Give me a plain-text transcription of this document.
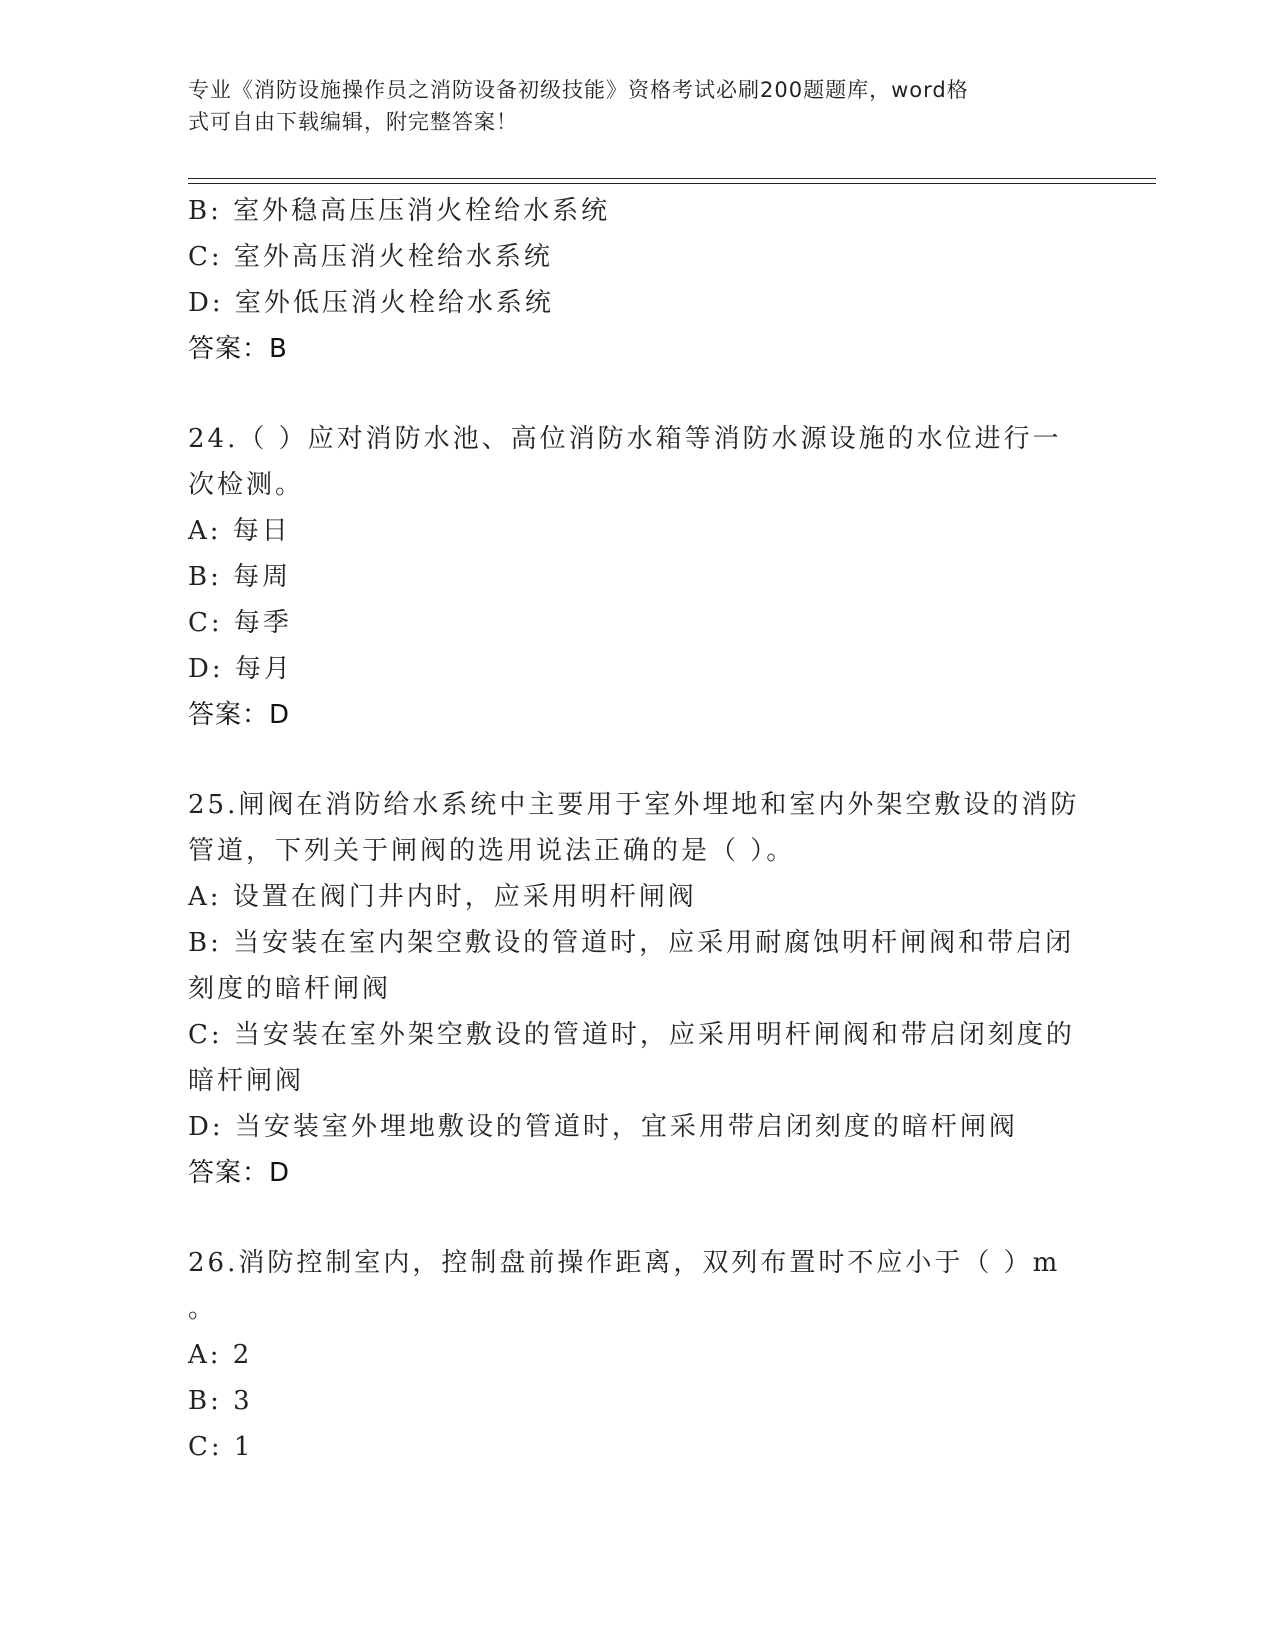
专业《消防设施操作员之消防设备初级技能》资格考试必刷200题题库，word格
式可自由下载编辑，附完整答案！
B: 室外稳高压压消火栓给水系统
C: 室外高压消火栓给水系统
D: 室外低压消火栓给水系统
答案：B
24.（ ）应对消防水池、高位消防水箱等消防水源设施的水位进行一
次检测。
A: 每日
B: 每周
C: 每季
D: 每月
答案：D
25.闸阀在消防给水系统中主要用于室外埋地和室内外架空敷设的消防
管道，下列关于闸阀的选用说法正确的是（ ）。
A: 设置在阀门井内时，应采用明杆闸阀
B: 当安装在室内架空敷设的管道时，应采用耐腐蚀明杆闸阀和带启闭
刻度的暗杆闸阀
C: 当安装在室外架空敷设的管道时，应采用明杆闸阀和带启闭刻度的
暗杆闸阀
D: 当安装室外埋地敷设的管道时，宜采用带启闭刻度的暗杆闸阀
答案：D
26.消防控制室内，控制盘前操作距离，双列布置时不应小于（ ）m
。
A: 2
B: 3
C: 1
